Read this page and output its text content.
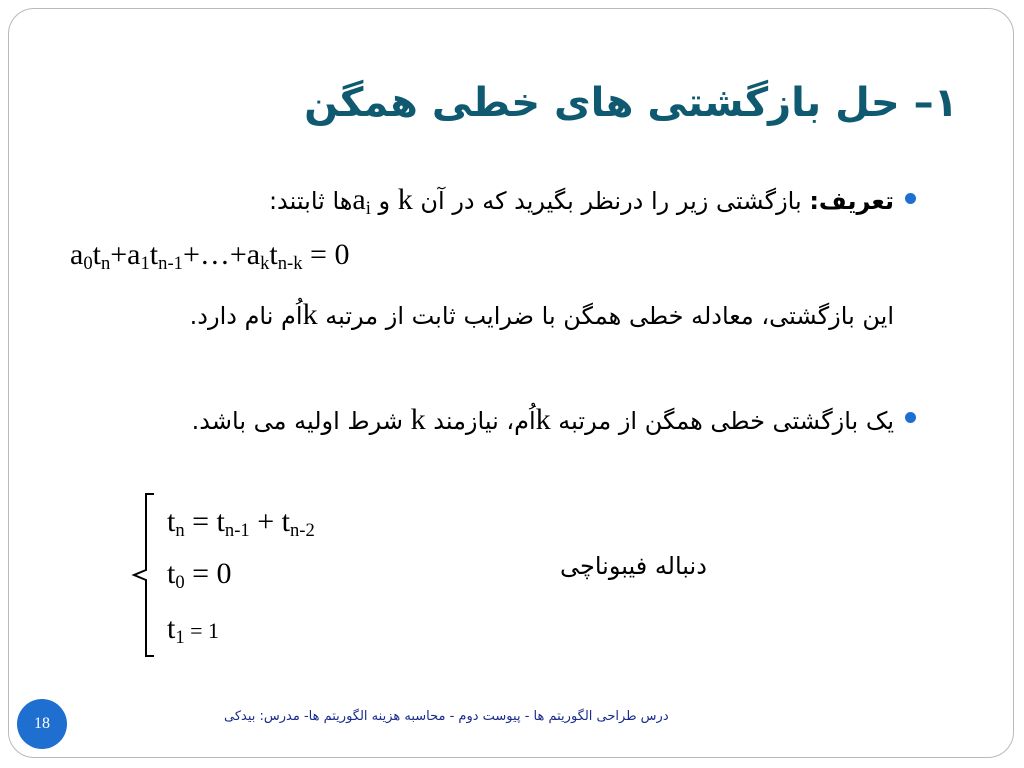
۱– حل بازگشتی های خطی همگن
تعریف: بازگشتی زیر را درنظر بگیرید که در آن k و $a_iها$ ثابتند:
$a_0t_n+a_1t_{n-1}+\dots+a_kt_{n-k} = 0$
این بازگشتی، معادله خطی همگن با ضرایب ثابت از مرتبه kاُم نام دارد.
یک بازگشتی خطی همگن از مرتبه kاُم، نیازمند k شرط اولیه می باشد.
$t_n = t_{n-1} + t_{n-2}$
$t_0 = 0$
$t_1 = 1$
دنباله فیبوناچی
18	درس طراحی الگوریتم ها - پیوست دوم - محاسبه هزینه الگوریتم ها- مدرس: بیدکی
